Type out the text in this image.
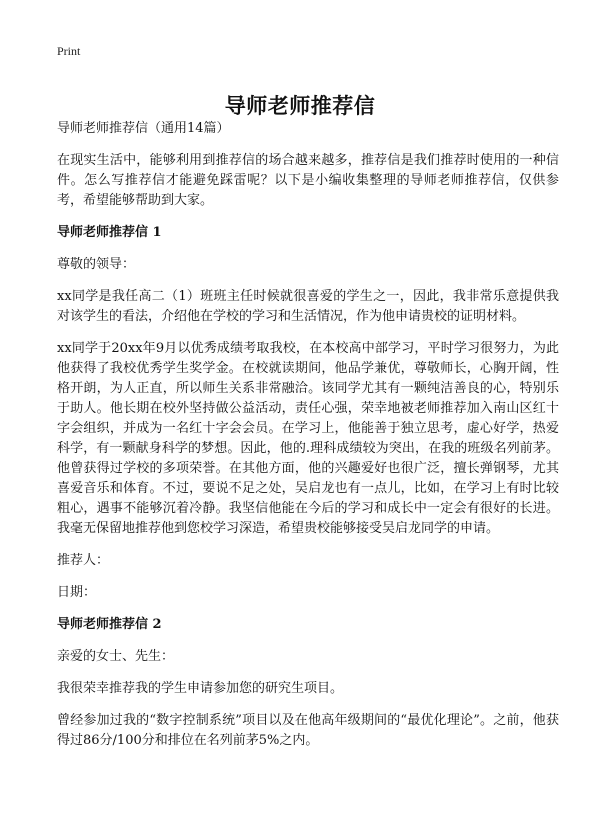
Print
导师老师推荐信

导师老师推荐信（通用14篇）

在现实生活中，能够利用到推荐信的场合越来越多，推荐信是我们推荐时使用的一种信件。怎么写推荐信才能避免踩雷呢？以下是小编收集整理的导师老师推荐信，仅供参考，希望能够帮助到大家。

导师老师推荐信 1

尊敬的领导：

xx同学是我任高二（1）班班主任时候就很喜爱的学生之一，因此，我非常乐意提供我对该学生的看法，介绍他在学校的学习和生活情况，作为他申请贵校的证明材料。

xx同学于20xx年9月以优秀成绩考取我校，在本校高中部学习，平时学习很努力，为此他获得了我校优秀学生奖学金。在校就读期间，他品学兼优，尊敬师长，心胸开阔，性格开朗，为人正直，所以师生关系非常融洽。该同学尤其有一颗纯洁善良的心，特别乐于助人。他长期在校外坚持做公益活动，责任心强，荣幸地被老师推荐加入南山区红十字会组织，并成为一名红十字会会员。在学习上，他能善于独立思考，虚心好学，热爱科学，有一颗献身科学的梦想。因此，他的.理科成绩较为突出，在我的班级名列前茅。他曾获得过学校的多项荣誉。在其他方面，他的兴趣爱好也很广泛，擅长弹钢琴，尤其喜爱音乐和体育。不过，要说不足之处，吴启龙也有一点儿，比如，在学习上有时比较粗心，遇事不能够沉着冷静。我坚信他能在今后的学习和成长中一定会有很好的长进。我毫无保留地推荐他到您校学习深造，希望贵校能够接受吴启龙同学的申请。

推荐人：

日期：

导师老师推荐信 2

亲爱的女士、先生：

我很荣幸推荐我的学生申请参加您的研究生项目。

曾经参加过我的“数字控制系统”项目以及在他高年级期间的“最优化理论”。之前，他获得过86分/100分和排位在名列前茅5%之内。
